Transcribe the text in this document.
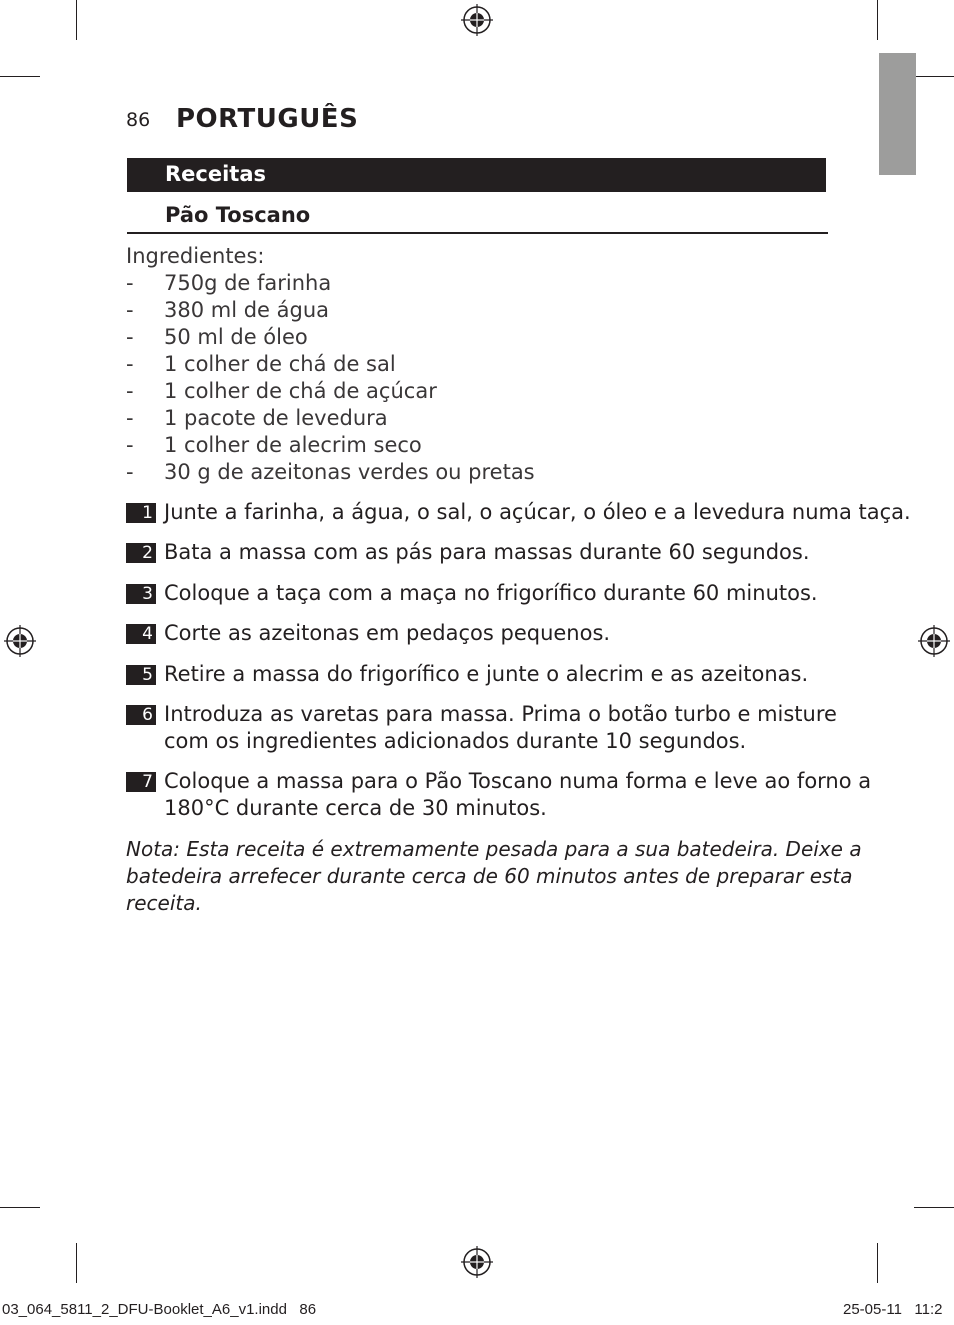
86 PORTUGUÊS
Receitas
Pão Toscano
Ingredientes:
- 750g de farinha
- 380 ml de água
- 50 ml de óleo
- 1 colher de chá de sal
- 1 colher de chá de açúcar
- 1 pacote de levedura
- 1 colher de alecrim seco
- 30 g de azeitonas verdes ou pretas
1 Junte a farinha, a água, o sal, o açúcar, o óleo e a levedura numa taça.
2 Bata a massa com as pás para massas durante 60 segundos.
3 Coloque a taça com a maça no frigorífico durante 60 minutos.
4 Corte as azeitonas em pedaços pequenos.
5 Retire a massa do frigorífico e junte o alecrim e as azeitonas.
6 Introduza as varetas para massa. Prima o botão turbo e misture
com os ingredientes adicionados durante 10 segundos.
7 Coloque a massa para o Pão Toscano numa forma e leve ao forno a
180°C durante cerca de 30 minutos.
Nota: Esta receita é extremamente pesada para a sua batedeira. Deixe a
batedeira arrefecer durante cerca de 60 minutos antes de preparar esta
receita.
03_064_5811_2_DFU-Booklet_A6_v1.indd   86	25-05-11   11:2
